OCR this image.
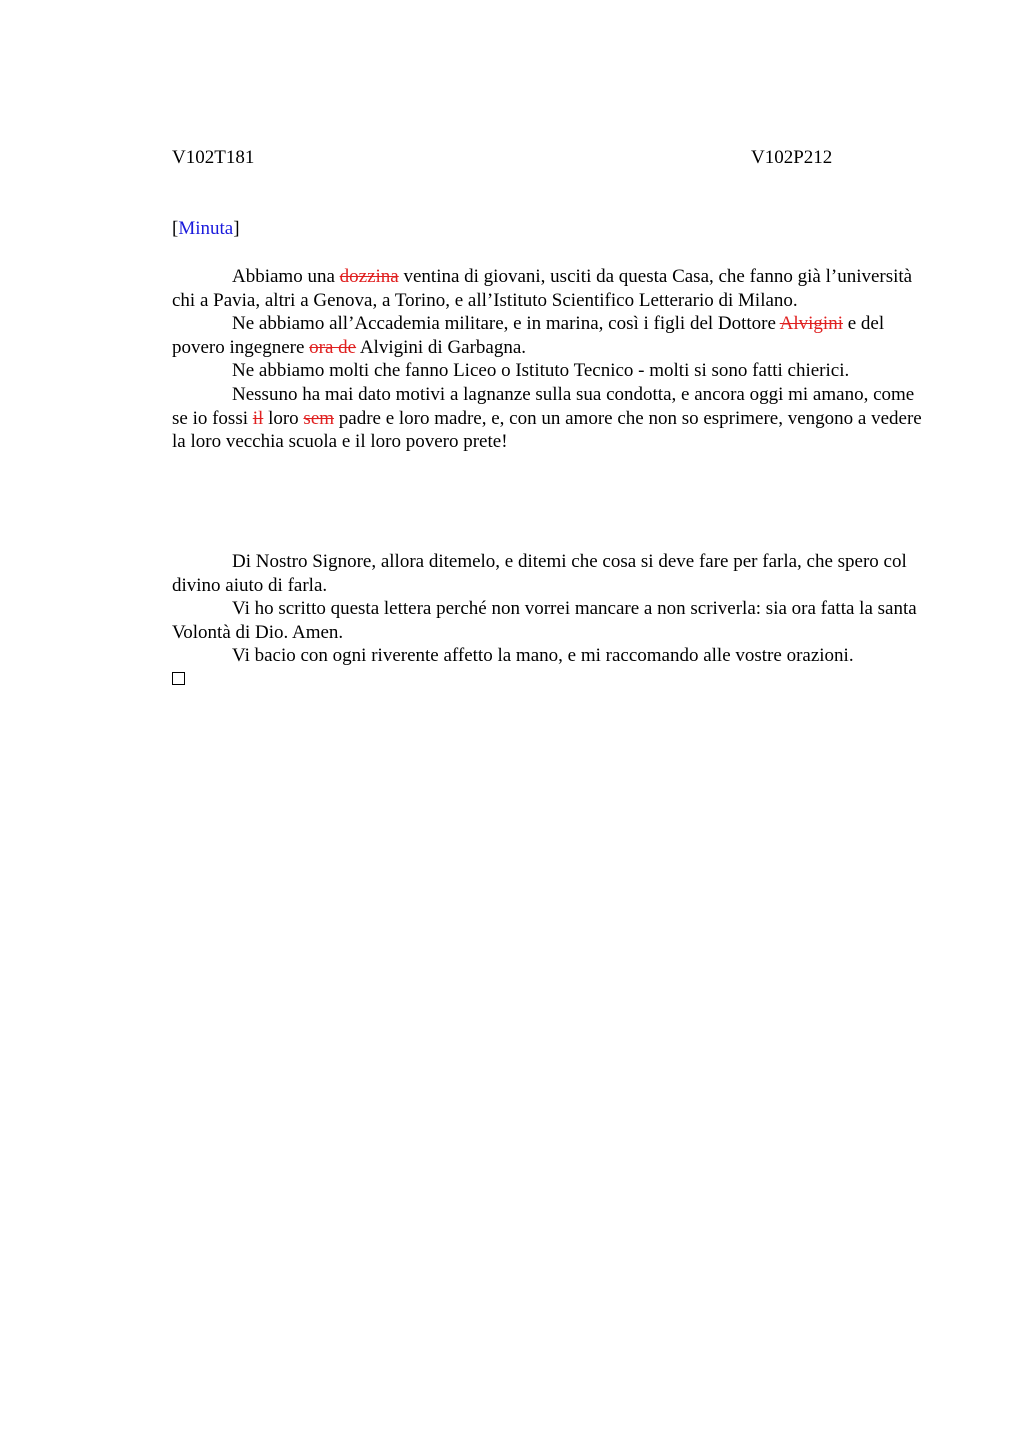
V102T181	V102P212
[Minuta]

Abbiamo una dozzina ventina di giovani, usciti da questa Casa, che fanno già l’università chi a Pavia, altri a Genova, a Torino, e all’Istituto Scientifico Letterario di Milano.

Ne abbiamo all’Accademia militare, e in marina, così i figli del Dottore Alvigini e del povero ingegnere ora de Alvigini di Garbagna.

Ne abbiamo molti che fanno Liceo o Istituto Tecnico - molti si sono fatti chierici.

Nessuno ha mai dato motivi a lagnanze sulla sua condotta, e ancora oggi mi amano, come se io fossi il loro sem padre e loro madre, e, con un amore che non so esprimere, vengono a vedere la loro vecchia scuola e il loro povero prete!

Di Nostro Signore, allora ditemelo, e ditemi che cosa si deve fare per farla, che spero col divino aiuto di farla.

Vi ho scritto questa lettera perché non vorrei mancare a non scriverla: sia ora fatta la santa Volontà di Dio. Amen.

Vi bacio con ogni riverente affetto la mano, e mi raccomando alle vostre orazioni.
